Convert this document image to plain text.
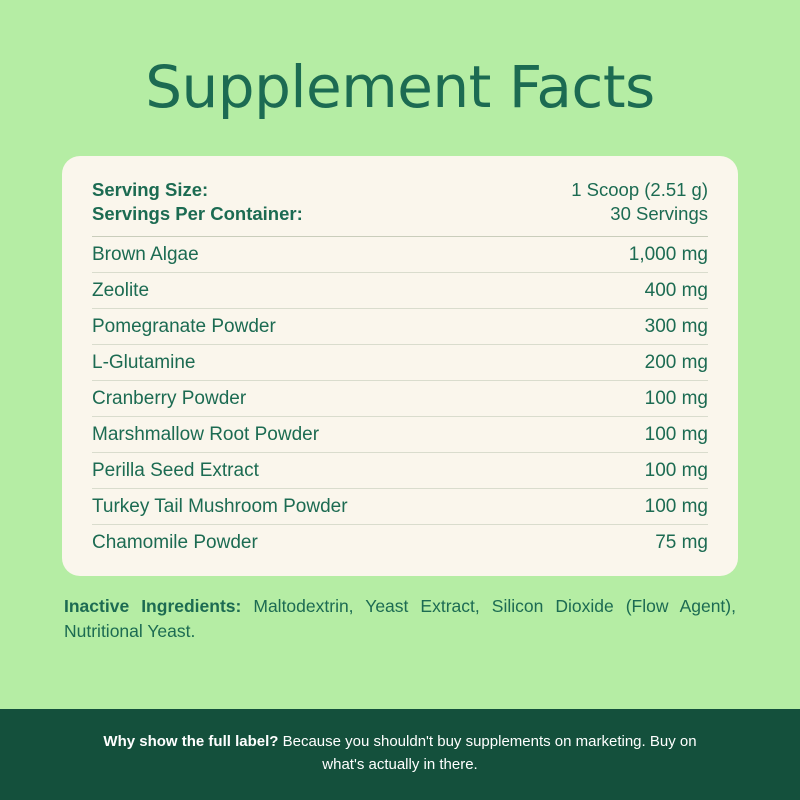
Supplement Facts
Serving Size:	1 Scoop (2.51 g)
Servings Per Container:	30 Servings
Brown Algae	1,000 mg
Zeolite	400 mg
Pomegranate Powder	300 mg
L-Glutamine	200 mg
Cranberry Powder	100 mg
Marshmallow Root Powder	100 mg
Perilla Seed Extract	100 mg
Turkey Tail Mushroom Powder	100 mg
Chamomile Powder	75 mg

Inactive Ingredients: Maltodextrin, Yeast Extract, Silicon Dioxide (Flow Agent), Nutritional Yeast.

Why show the full label? Because you shouldn't buy supplements on marketing. Buy on what's actually in there.
